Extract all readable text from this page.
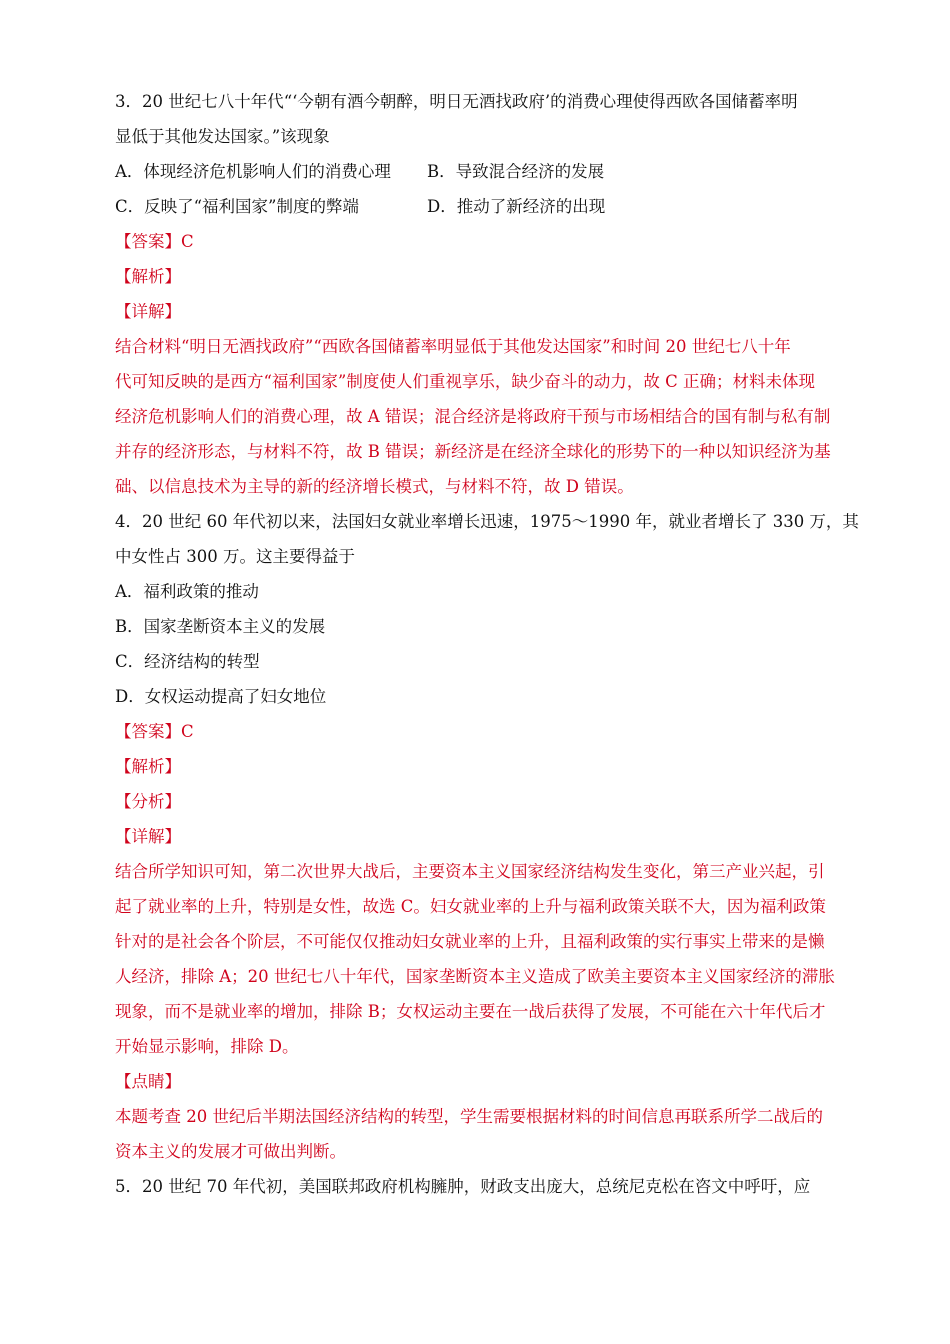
3．20 世纪七八十年代“‘今朝有酒今朝醉，明日无酒找政府’的消费心理使得西欧各国储蓄率明
显低于其他发达国家。”该现象
A．体现经济危机影响人们的消费心理 B．导致混合经济的发展
C．反映了“福利国家”制度的弊端	D．推动了新经济的出现
【答案】C
【解析】
【详解】
结合材料“明日无酒找政府”“西欧各国储蓄率明显低于其他发达国家”和时间 20 世纪七八十年
代可知反映的是西方“福利国家”制度使人们重视享乐，缺少奋斗的动力，故 C 正确；材料未体现
经济危机影响人们的消费心理，故 A 错误；混合经济是将政府干预与市场相结合的国有制与私有制
并存的经济形态，与材料不符，故 B 错误；新经济是在经济全球化的形势下的一种以知识经济为基
础、以信息技术为主导的新的经济增长模式，与材料不符，故 D 错误。
4．20 世纪 60 年代初以来，法国妇女就业率增长迅速，1975～1990 年，就业者增长了 330 万，其
中女性占 300 万。这主要得益于
A．福利政策的推动
B．国家垄断资本主义的发展
C．经济结构的转型
D．女权运动提高了妇女地位
【答案】C
【解析】
【分析】
【详解】
结合所学知识可知，第二次世界大战后，主要资本主义国家经济结构发生变化，第三产业兴起，引
起了就业率的上升，特别是女性，故选 C。妇女就业率的上升与福利政策关联不大，因为福利政策
针对的是社会各个阶层，不可能仅仅推动妇女就业率的上升，且福利政策的实行事实上带来的是懒
人经济，排除 A；20 世纪七八十年代，国家垄断资本主义造成了欧美主要资本主义国家经济的滞胀
现象，而不是就业率的增加，排除 B；女权运动主要在一战后获得了发展，不可能在六十年代后才
开始显示影响，排除 D。
【点睛】
本题考查 20 世纪后半期法国经济结构的转型，学生需要根据材料的时间信息再联系所学二战后的
资本主义的发展才可做出判断。
5．20 世纪 70 年代初，美国联邦政府机构臃肿，财政支出庞大，总统尼克松在咨文中呼吁，应
